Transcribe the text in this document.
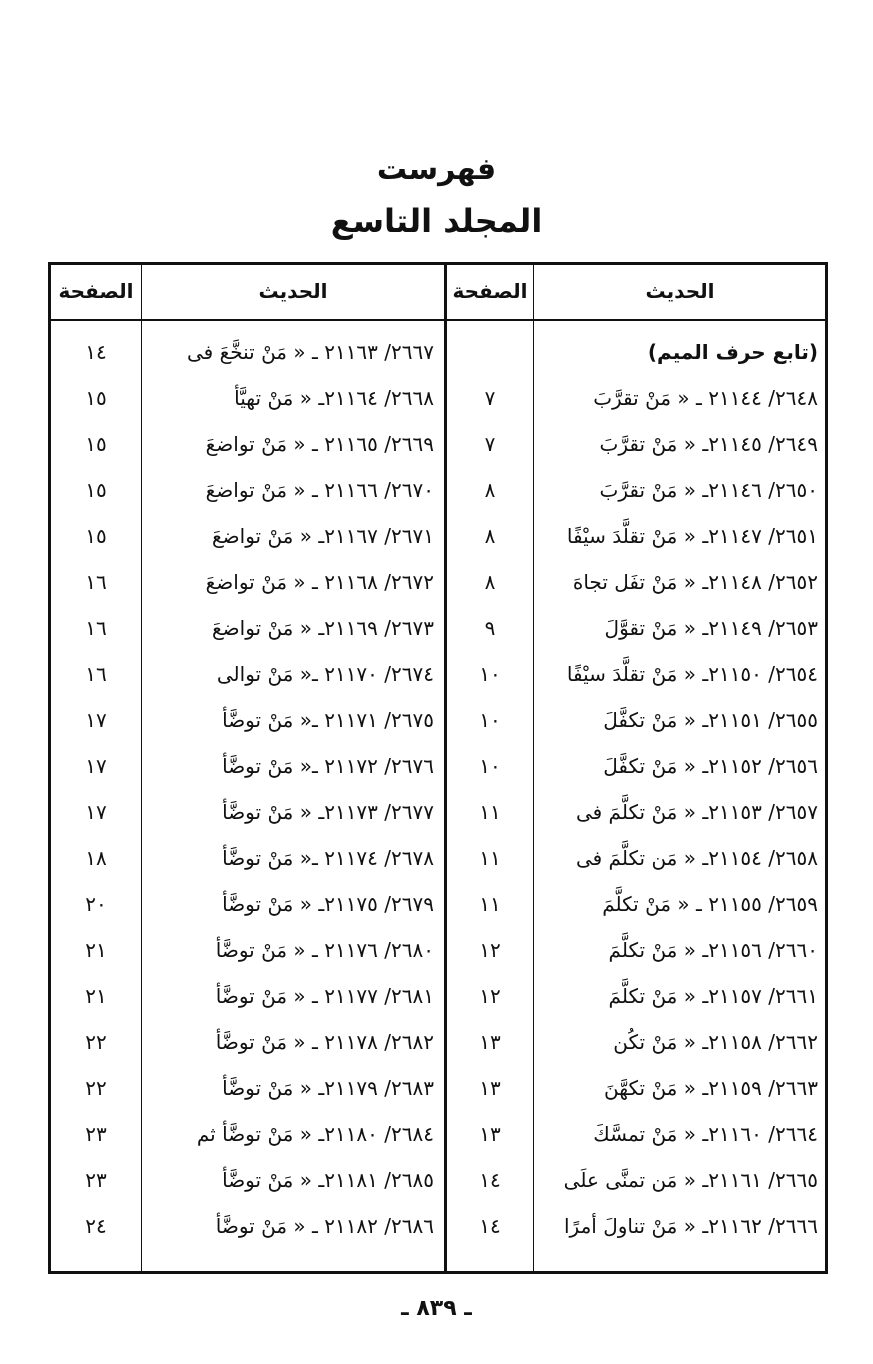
فهرست
المجلد التاسع
الحديث
الصفحة
الحديث
الصفحة
(تابع حرف الميم)
٢٦٤٨/ ٢١١٤٤ ـ « مَنْ تقرَّبَ
٧
٢٦٤٩/ ٢١١٤٥ـ « مَنْ تقرَّبَ
٧
٢٦٥٠/ ٢١١٤٦ـ « مَنْ تقرَّبَ
٨
٢٦٥١/ ٢١١٤٧ـ « مَنْ تقلَّدَ سيْفًا
٨
٢٦٥٢/ ٢١١٤٨ـ « مَنْ تفَل تجاهَ
٨
٢٦٥٣/ ٢١١٤٩ـ « مَنْ تقوَّلَ
٩
٢٦٥٤/ ٢١١٥٠ـ « مَنْ تقلَّدَ سيْفًا
١٠
٢٦٥٥/ ٢١١٥١ـ « مَنْ تكفَّلَ
١٠
٢٦٥٦/ ٢١١٥٢ـ « مَنْ تكفَّلَ
١٠
٢٦٥٧/ ٢١١٥٣ـ « مَنْ تكلَّمَ فى
١١
٢٦٥٨/ ٢١١٥٤ـ « مَن تكلَّمَ فى
١١
٢٦٥٩/ ٢١١٥٥ ـ « مَنْ تكلَّمَ
١١
٢٦٦٠/ ٢١١٥٦ـ « مَنْ تكلَّمَ
١٢
٢٦٦١/ ٢١١٥٧ـ « مَنْ تكلَّمَ
١٢
٢٦٦٢/ ٢١١٥٨ـ « مَنْ تكُن
١٣
٢٦٦٣/ ٢١١٥٩ـ « مَنْ تكهَّنَ
١٣
٢٦٦٤/ ٢١١٦٠ـ « مَنْ تمسَّكَ
١٣
٢٦٦٥/ ٢١١٦١ـ « مَن تمنَّى علَى
١٤
٢٦٦٦/ ٢١١٦٢ـ « مَنْ تناولَ أمرًا
١٤
٢٦٦٧/ ٢١١٦٣ ـ « مَنْ تنخَّعَ فى
١٤
٢٦٦٨/ ٢١١٦٤ـ « مَنْ تهيَّأ
١٥
٢٦٦٩/ ٢١١٦٥ ـ « مَنْ تواضعَ
١٥
٢٦٧٠/ ٢١١٦٦ ـ « مَنْ تواضعَ
١٥
٢٦٧١/ ٢١١٦٧ـ « مَنْ تواضعَ
١٥
٢٦٧٢/ ٢١١٦٨ ـ « مَنْ تواضعَ
١٦
٢٦٧٣/ ٢١١٦٩ـ « مَنْ تواضعَ
١٦
٢٦٧٤/ ٢١١٧٠ ـ« مَنْ توالى
١٦
٢٦٧٥/ ٢١١٧١ ـ« مَنْ توضَّأ
١٧
٢٦٧٦/ ٢١١٧٢ ـ« مَنْ توضَّأ
١٧
٢٦٧٧/ ٢١١٧٣ـ « مَنْ توضَّأ
١٧
٢٦٧٨/ ٢١١٧٤ ـ« مَنْ توضَّأ
١٨
٢٦٧٩/ ٢١١٧٥ـ « مَنْ توضَّأ
٢٠
٢٦٨٠/ ٢١١٧٦ ـ « مَنْ توضَّأ
٢١
٢٦٨١/ ٢١١٧٧ ـ « مَنْ توضَّأ
٢١
٢٦٨٢/ ٢١١٧٨ ـ « مَنْ توضَّأ
٢٢
٢٦٨٣/ ٢١١٧٩ـ « مَنْ توضَّأ
٢٢
٢٦٨٤/ ٢١١٨٠ـ « مَنْ توضَّأ ثم
٢٣
٢٦٨٥/ ٢١١٨١ـ « مَنْ توضَّأ
٢٣
٢٦٨٦/ ٢١١٨٢ ـ « مَنْ توضَّأ
٢٤
ـ ٨٣٩ ـ
